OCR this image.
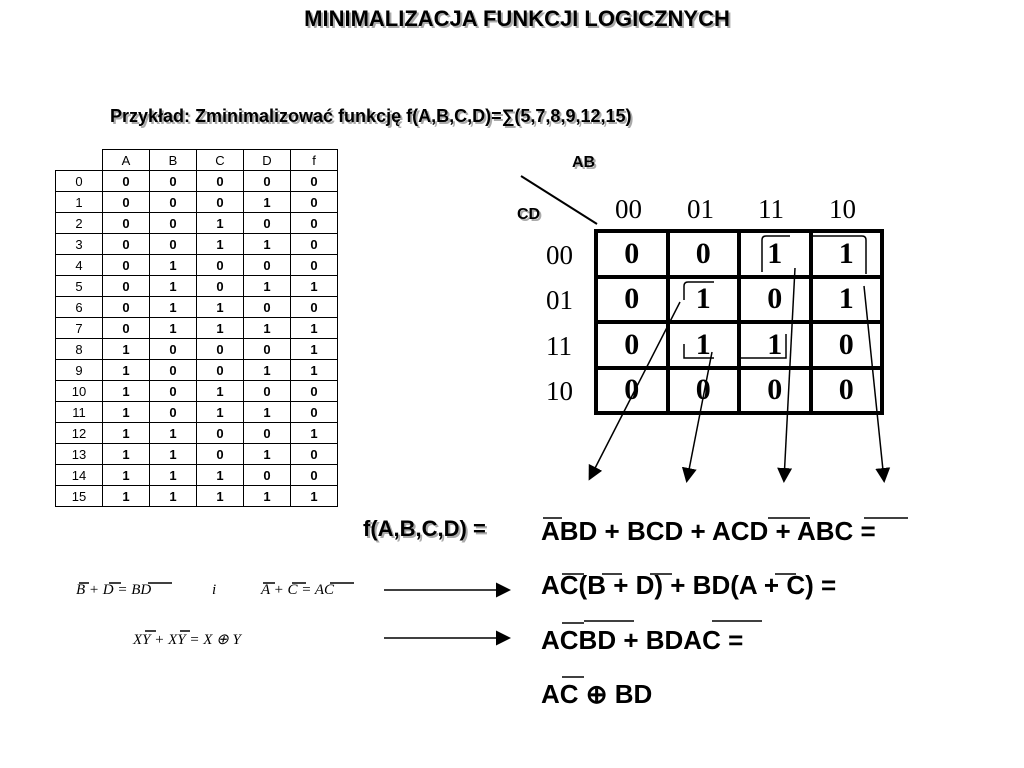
MINIMALIZACJA FUNKCJI LOGICZNYCH
Przykład: Zminimalizować funkcję f(A,B,C,D)=∑(5,7,8,9,12,15)
	A	B	C	D	f
0	0	0	0	0	0
1	0	0	0	1	0
2	0	0	1	0	0
3	0	0	1	1	0
4	0	1	0	0	0
5	0	1	0	1	1
6	0	1	1	0	0
7	0	1	1	1	1
8	1	0	0	0	1
9	1	0	0	1	1
10	1	0	1	0	0
11	1	0	1	1	0
12	1	1	0	0	1
13	1	1	0	1	0
14	1	1	1	0	0
15	1	1	1	1	1
AB
CD	00 01 11 10
00
01
11
10
0	0	1	1
0	1	0	1
0	1	1	0
0	0	0	0
f(A,B,C,D) = ABD + BCD + ACD + ABC =
B + D = BD	i	A + C = AC	AC(B + D) + BD(A + C) =
XY + XY = X ⊕ Y	ACBD + BDAC =
AC ⊕ BD
